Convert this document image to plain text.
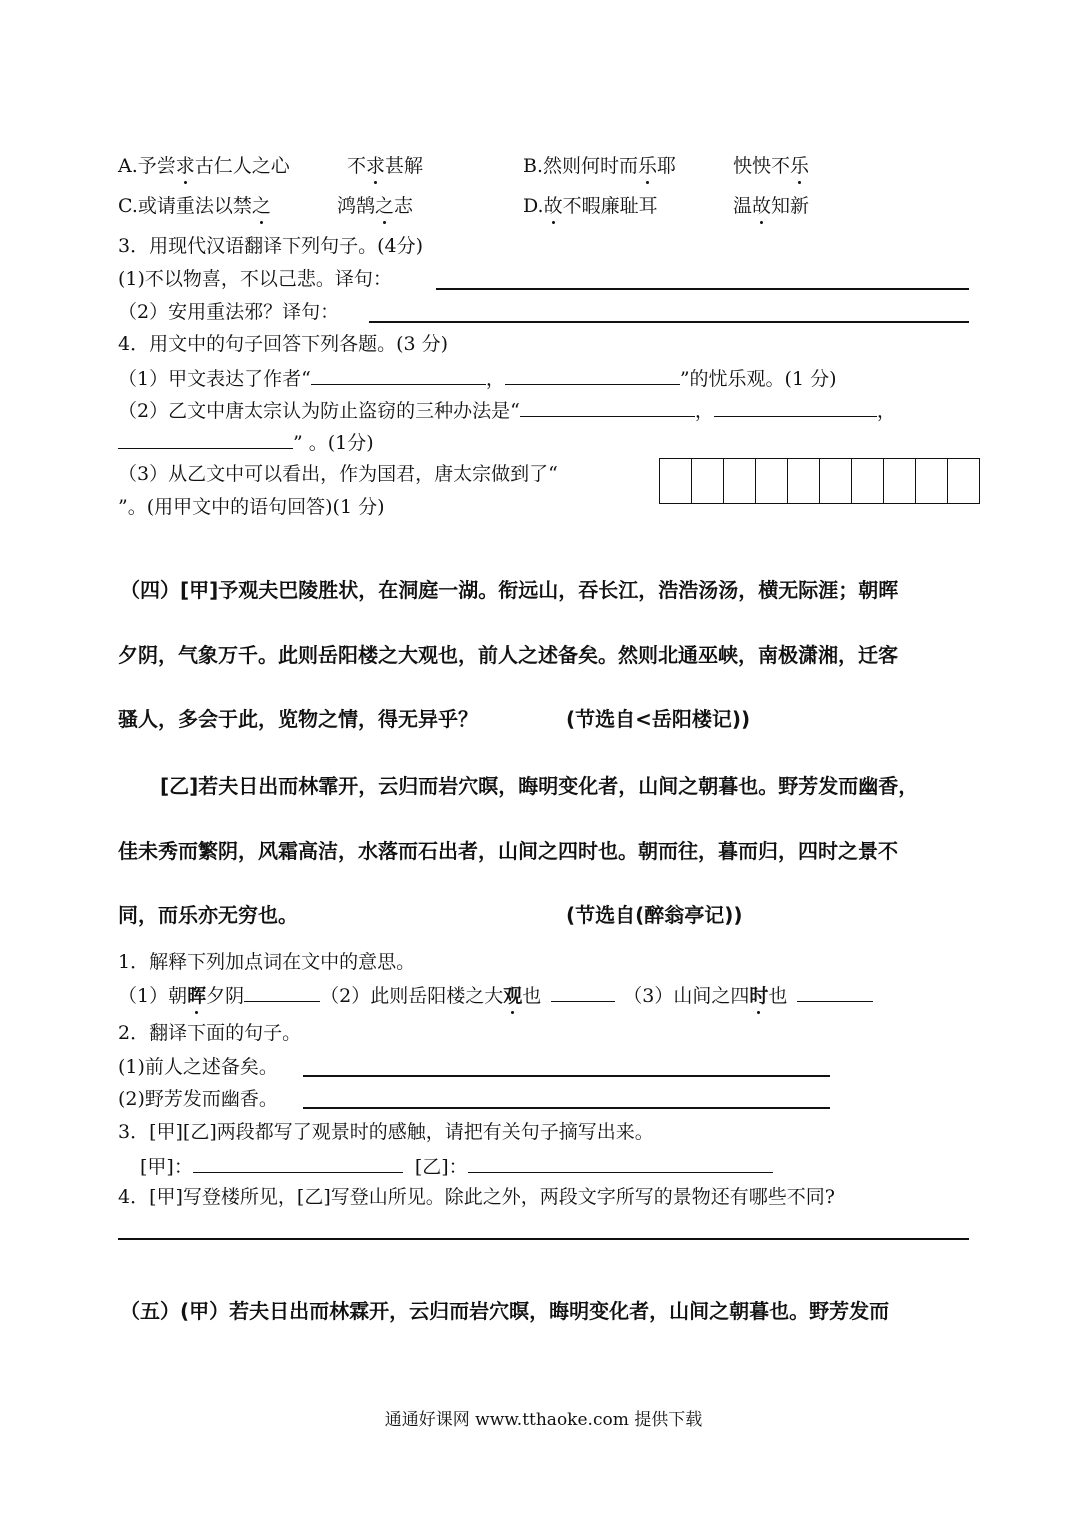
A.予尝求古仁人之心	不求甚解	B.然则何时而乐耶	怏怏不乐
C.或请重法以禁之	鸿鹄之志	D.故不暇廉耻耳	温故知新
3．用现代汉语翻译下列句子。(4分)
(1)不以物喜，不以己悲。译句：
（2）安用重法邪？译句：
4．用文中的句子回答下列各题。(3 分)
（1）甲文表达了作者“	，	”的忧乐观。(1 分)
（2）乙文中唐太宗认为防止盗窃的三种办法是“	，	，
” 。(1分)
（3）从乙文中可以看出，作为国君，唐太宗做到了“
”。(用甲文中的语句回答)(1 分)
（四）[甲]予观夫巴陵胜状，在洞庭一湖。衔远山，吞长江，浩浩汤汤，横无际涯；朝晖
夕阴，气象万千。此则岳阳楼之大观也，前人之述备矣。然则北通巫峡，南极潇湘，迁客
骚人，多会于此，览物之情，得无异乎？	(节选自<岳阳楼记))
[乙]若夫日出而林霏开，云归而岩穴暝，晦明变化者，山间之朝暮也。野芳发而幽香，
佳未秀而繁阴，风霜高洁，水落而石出者，山间之四时也。朝而往，暮而归，四时之景不
同，而乐亦无穷也。	(节选自(醉翁亭记))
1．解释下列加点词在文中的意思。
（1）朝晖夕阴	（2）此则岳阳楼之大观也	（3）山间之四时也
2．翻译下面的句子。
(1)前人之述备矣。
(2)野芳发而幽香。
3．[甲][乙]两段都写了观景时的感触，请把有关句子摘写出来。
[甲]：	[乙]：
4．[甲]写登楼所见，[乙]写登山所见。除此之外，两段文字所写的景物还有哪些不同?
（五）(甲）若夫日出而林霖开，云归而岩穴暝，晦明变化者，山间之朝暮也。野芳发而
通通好课网 www.tthaoke.com 提供下载
